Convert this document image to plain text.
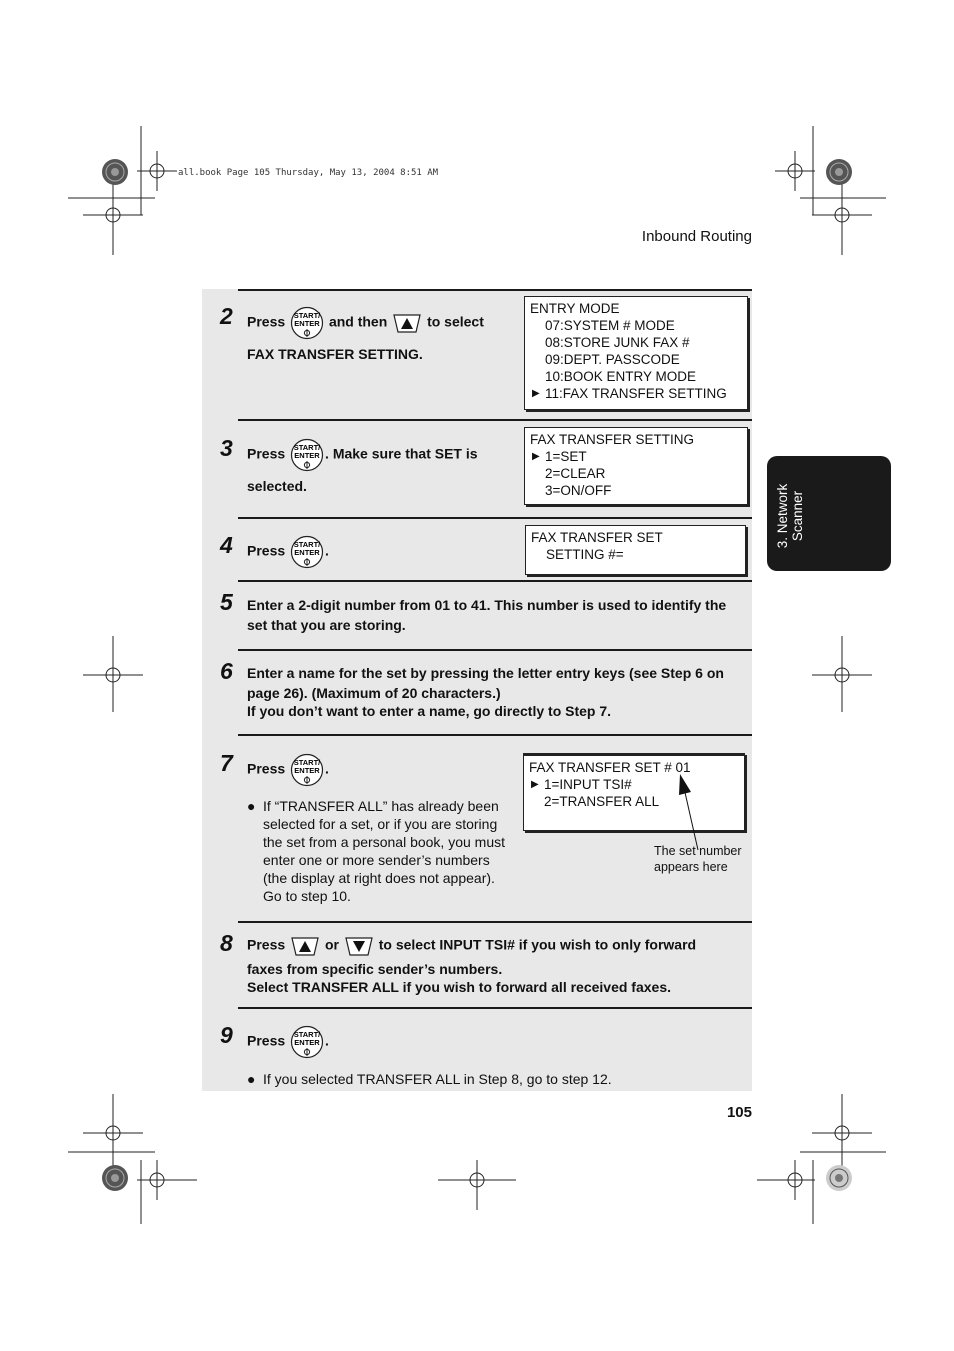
all.book Page 105 Thursday, May 13, 2004 8:51 AM
Inbound Routing
3. Network
Scanner
2 Press START/
ENTER and then	to select
FAX TRANSFER SETTING.
ENTRY MODE
07:SYSTEM # MODE
08:STORE JUNK FAX #
09:DEPT. PASSCODE
10:BOOK ENTRY MODE
▶ 11:FAX TRANSFER SETTING
3 Press START/
ENTER . Make sure that SET is
selected.
FAX TRANSFER SETTING
▶ 1=SET
2=CLEAR
3=ON/OFF
4 Press START/
ENTER .
FAX TRANSFER SET
SETTING #=
5 Enter a 2-digit number from 01 to 41. This number is used to identify the
set that you are storing.
6 Enter a name for the set by pressing the letter entry keys (see Step 6 on
page 26). (Maximum of 20 characters.)
If you don’t want to enter a name, go directly to Step 7.
7 Press START/
ENTER .
● If “TRANSFER ALL” has already been
selected for a set, or if you are storing
the set from a personal book, you must
enter one or more sender’s numbers
(the display at right does not appear).
Go to step 10.
FAX TRANSFER SET # 01
▶ 1=INPUT TSI#
2=TRANSFER ALL
The set number
appears here
8 Press	or	to select INPUT TSI# if you wish to only forward
faxes from specific sender’s numbers.
Select TRANSFER ALL if you wish to forward all received faxes.
9 Press START/
ENTER .
● If you selected TRANSFER ALL in Step 8, go to step 12.
105
